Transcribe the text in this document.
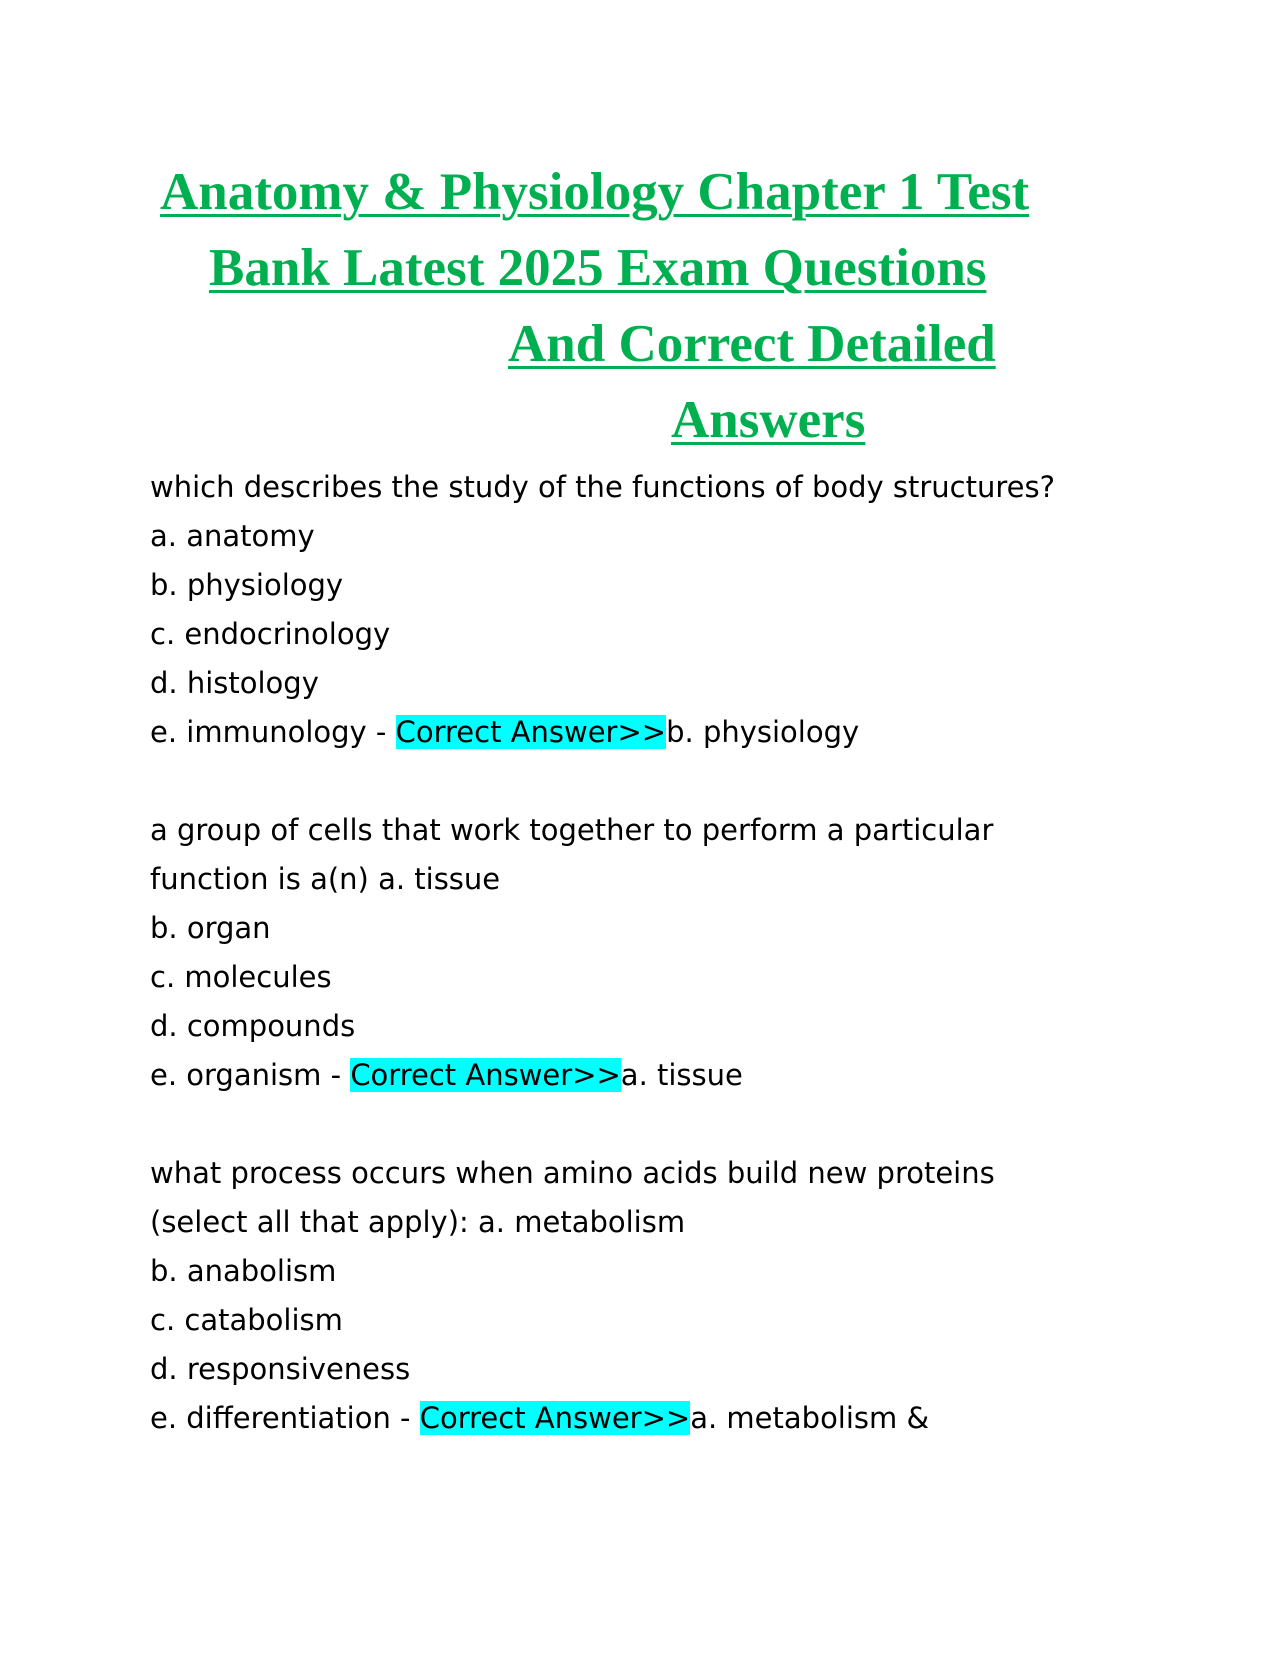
Anatomy & Physiology Chapter 1 Test
Bank Latest 2025 Exam Questions
And Correct Detailed
Answers
which describes the study of the functions of body structures?
a. anatomy
b. physiology
c. endocrinology
d. histology
e. immunology - Correct Answer>>b. physiology
a group of cells that work together to perform a particular
function is a(n) a. tissue
b. organ
c. molecules
d. compounds
e. organism - Correct Answer>>a. tissue
what process occurs when amino acids build new proteins
(select all that apply): a. metabolism
b. anabolism
c. catabolism
d. responsiveness
e. differentiation - Correct Answer>>a. metabolism &
